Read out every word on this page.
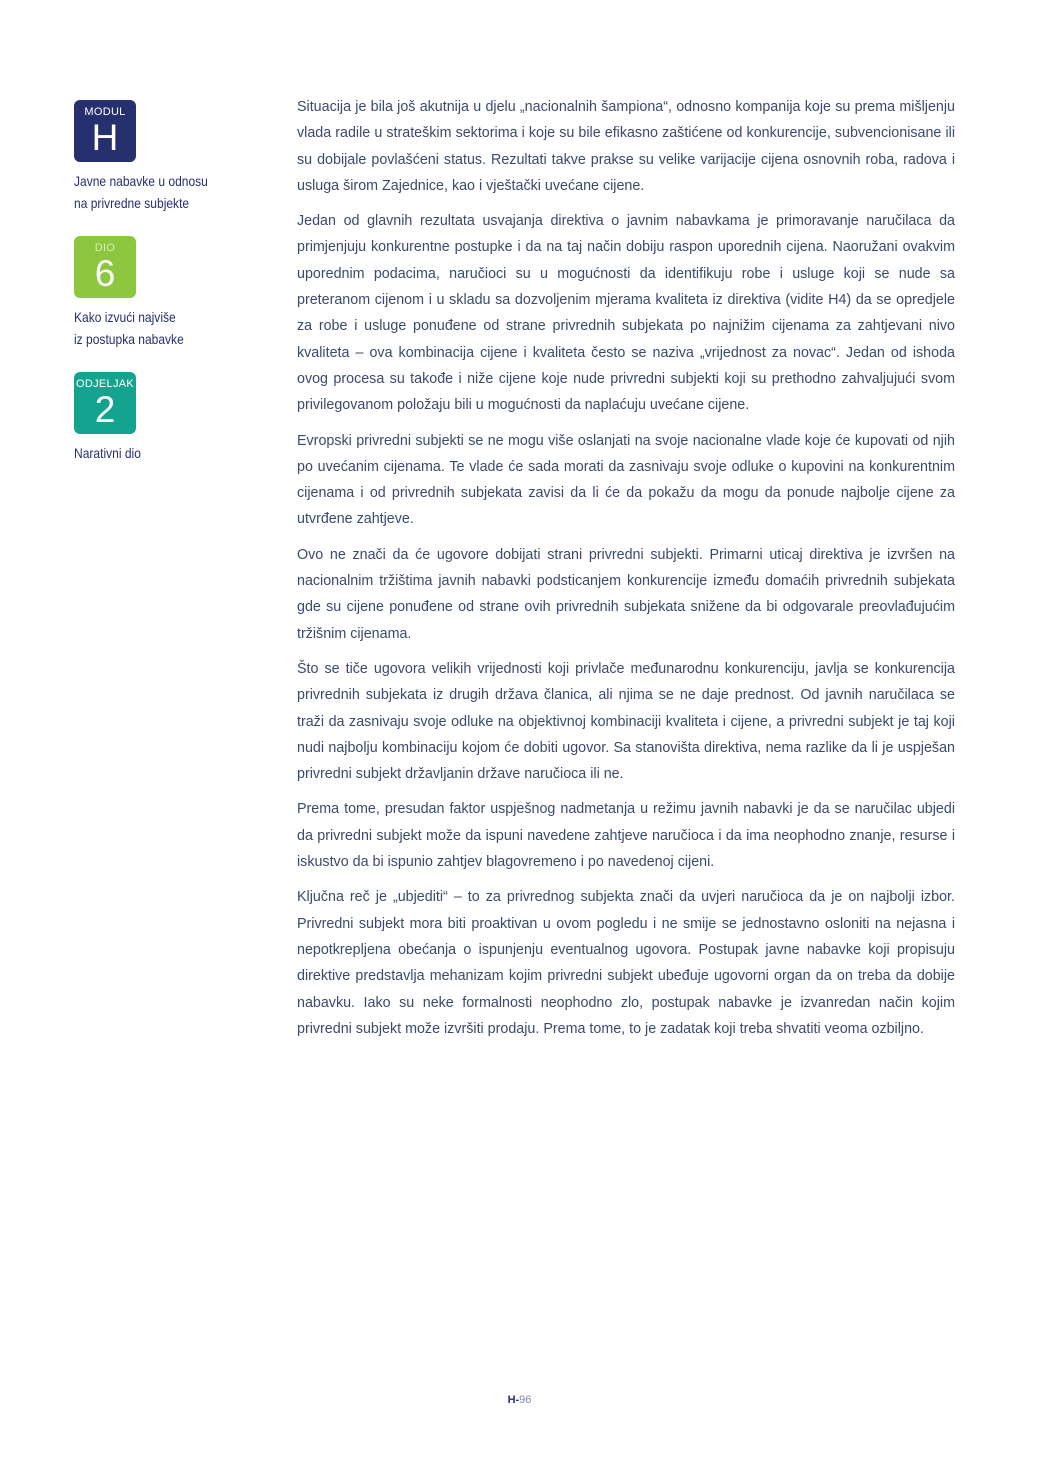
MODUL
H
Javne nabavke u odnosu
na privredne subjekte
DIO
6
Kako izvući najviše
iz postupka nabavke
ODJELJAK
2
Narativni dio

Situacija je bila još akutnija u djelu „nacionalnih šampiona“, odnosno kompanija koje su prema mišljenju vlada radile u strateškim sektorima i koje su bile efikasno zaštićene od konkurencije, subvencionisane ili su dobijale povlašćeni status. Rezultati takve prakse su velike varijacije cijena osnovnih roba, radova i usluga širom Zajednice, kao i vještački uvećane cijene.

Jedan od glavnih rezultata usvajanja direktiva o javnim nabavkama je primoravanje naručilaca da primjenjuju konkurentne postupke i da na taj način dobiju raspon uporednih cijena. Naoružani ovakvim uporednim podacima, naručioci su u mogućnosti da identifikuju robe i usluge koji se nude sa preteranom cijenom i u skladu sa dozvoljenim mjerama kvaliteta iz direktiva (vidite H4) da se opredjele za robe i usluge ponuđene od strane privrednih subjekata po najnižim cijenama za zahtjevani nivo kvaliteta – ova kombinacija cijene i kvaliteta često se naziva „vrijednost za novac“. Jedan od ishoda ovog procesa su takođe i niže cijene koje nude privredni subjekti koji su prethodno zahvaljujući svom privilegovanom položaju bili u mogućnosti da naplaćuju uvećane cijene.

Evropski privredni subjekti se ne mogu više oslanjati na svoje nacionalne vlade koje će kupovati od njih po uvećanim cijenama. Te vlade će sada morati da zasnivaju svoje odluke o kupovini na konkurentnim cijenama i od privrednih subjekata zavisi da li će da pokažu da mogu da ponude najbolje cijene za utvrđene zahtjeve.

Ovo ne znači da će ugovore dobijati strani privredni subjekti. Primarni uticaj direktiva je izvršen na nacionalnim tržištima javnih nabavki podsticanjem konkurencije između domaćih privrednih subjekata gde su cijene ponuđene od strane ovih privrednih subjekata snižene da bi odgovarale preovlađujućim tržišnim cijenama.

Što se tiče ugovora velikih vrijednosti koji privlače međunarodnu konkurenciju, javlja se konkurencija privrednih subjekata iz drugih država članica, ali njima se ne daje prednost. Od javnih naručilaca se traži da zasnivaju svoje odluke na objektivnoj kombinaciji kvaliteta i cijene, a privredni subjekt je taj koji nudi najbolju kombinaciju kojom će dobiti ugovor. Sa stanovišta direktiva, nema razlike da li je uspješan privredni subjekt državljanin države naručioca ili ne.

Prema tome, presudan faktor uspješnog nadmetanja u režimu javnih nabavki je da se naručilac ubjedi da privredni subjekt može da ispuni navedene zahtjeve naručioca i da ima neophodno znanje, resurse i iskustvo da bi ispunio zahtjev blagovremeno i po navedenoj cijeni.

Ključna reč je „ubjediti“ – to za privrednog subjekta znači da uvjeri naručioca da je on najbolji izbor. Privredni subjekt mora biti proaktivan u ovom pogledu i ne smije se jednostavno osloniti na nejasna i nepotkrepljena obećanja o ispunjenju eventualnog ugovora. Postupak javne nabavke koji propisuju direktive predstavlja mehanizam kojim privredni subjekt ubeđuje ugovorni organ da on treba da dobije nabavku. Iako su neke formalnosti neophodno zlo, postupak nabavke je izvanredan način kojim privredni subjekt može izvršiti prodaju. Prema tome, to je zadatak koji treba shvatiti veoma ozbiljno.

H-96
